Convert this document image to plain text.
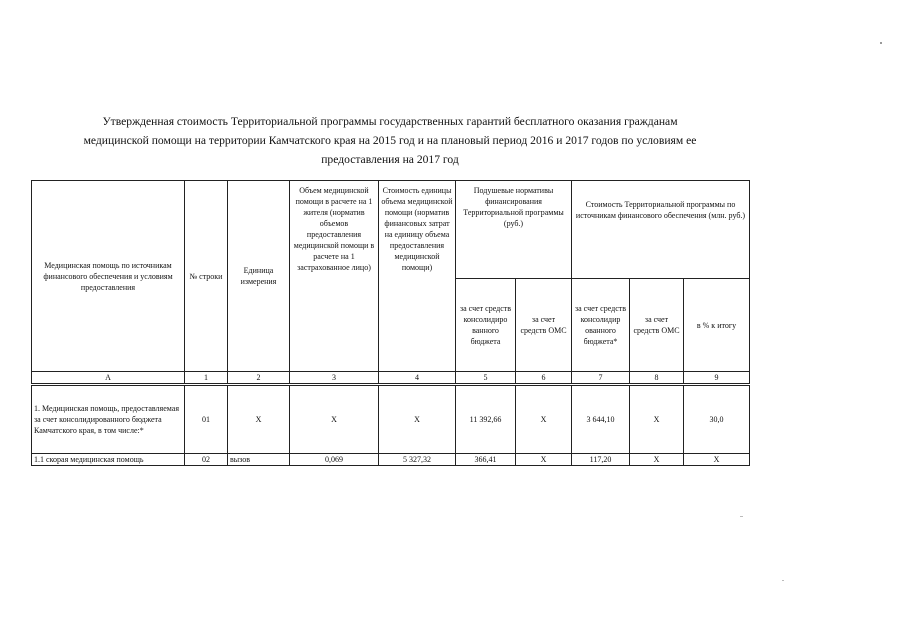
Утвержденная стоимость Территориальной программы государственных гарантий бесплатного оказания гражданам
медицинской помощи на территории Камчатского края на 2015 год и на плановый период 2016 и 2017 годов по условиям ее
предоставления на 2017 год
Медицинская помощь по источникам финансового обеспечения и условиям предоставления	№ строки	Единица измерения	Объем медицинской помощи в расчете на 1 жителя (норматив объемов предоставления медицинской помощи в расчете на 1 застрахованное лицо)	Стоимость единицы объема медицинской помощи (норматив финансовых затрат на единицу объема предоставления медицинской помощи)	Подушевые нормативы финансирования Территориальной программы (руб.)		Стоимость Территориальной программы по источникам финансового обеспечения (млн. руб.)		
					за счет средств консолидиро ванного бюджета	за счет средств ОМС	за счет средств консолидир ованного бюджета*	за счет средств ОМС	в % к итогу
А	1	2	3	4	5	6	7	8	9
1. Медицинская помощь, предоставляемая за счет консолидированного бюджета Камчатского края, в том числе:*	01	X	X	X	11 392,66	X	3 644,10	X	30,0
1.1 скорая медицинская помощь	02	вызов	0,069	5 327,32	366,41	X	117,20	X	X
